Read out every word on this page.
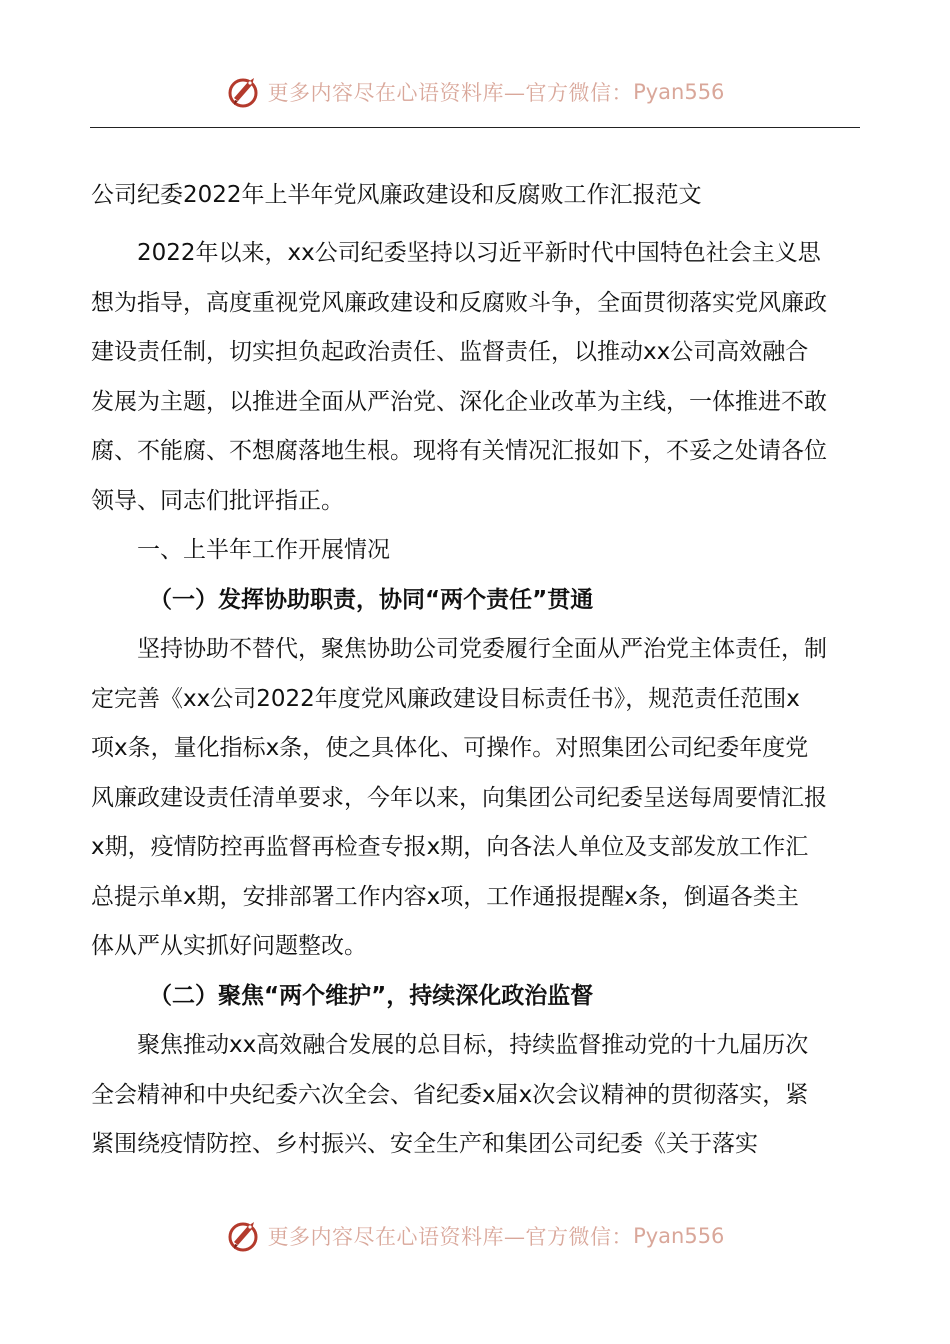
更多内容尽在心语资料库—官方微信： Pyan556
公司纪委2022年上半年党风廉政建设和反腐败工作汇报范文
2022年以来，xx公司纪委坚持以习近平新时代中国特色社会主义思
想为指导，高度重视党风廉政建设和反腐败斗争，全面贯彻落实党风廉政
建设责任制，切实担负起政治责任、监督责任，以推动xx公司高效融合
发展为主题，以推进全面从严治党、深化企业改革为主线，一体推进不敢
腐、不能腐、不想腐落地生根。现将有关情况汇报如下，不妥之处请各位
领导、同志们批评指正。
一、上半年工作开展情况
（一）发挥协助职责，协同“两个责任”贯通
坚持协助不替代，聚焦协助公司党委履行全面从严治党主体责任，制
定完善《xx公司2022年度党风廉政建设目标责任书》，规范责任范围x
项x条，量化指标x条，使之具体化、可操作。对照集团公司纪委年度党
风廉政建设责任清单要求，今年以来，向集团公司纪委呈送每周要情汇报
x期，疫情防控再监督再检查专报x期，向各法人单位及支部发放工作汇
总提示单x期，安排部署工作内容x项，工作通报提醒x条，倒逼各类主
体从严从实抓好问题整改。
（二）聚焦“两个维护”，持续深化政治监督
聚焦推动xx高效融合发展的总目标，持续监督推动党的十九届历次
全会精神和中央纪委六次全会、省纪委x届x次会议精神的贯彻落实，紧
紧围绕疫情防控、乡村振兴、安全生产和集团公司纪委《关于落实
更多内容尽在心语资料库—官方微信： Pyan556
